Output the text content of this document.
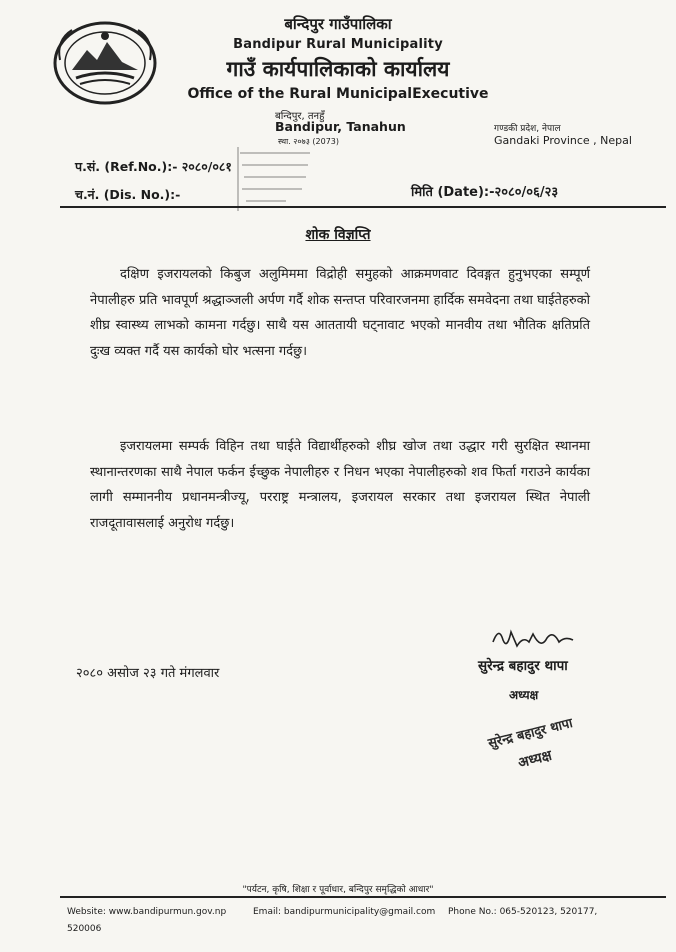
बन्दिपुर गाउँपालिका
Bandipur Rural Municipality
गाउँ कार्यपालिकाको कार्यालय
Office of the Rural MunicipalExecutive
बन्दिपुर, तनहुँ
Bandipur, Tanahun
स्था. २०७३ (2073)
गण्डकी प्रदेश, नेपाल
Gandaki Province , Nepal
प.सं. (Ref.No.):- २०८०/०८१
च.नं. (Dis. No.):-	मिति (Date):-२०८०/०६/२३
शोक विज्ञप्ति
दक्षिण इजरायलको किबुज अलुमिममा विद्रोही समुहको आक्रमणवाट दिवङ्गत हुनुभएका सम्पूर्ण नेपालीहरु प्रति भावपूर्ण श्रद्धाञ्जली अर्पण गर्दै शोक सन्तप्त परिवारजनमा हार्दिक समवेदना तथा घाईतेहरुको शीघ्र स्वास्थ्य लाभको कामना गर्दछु। साथै यस आततायी घट्नावाट भएको मानवीय तथा भौतिक क्षतिप्रति दुःख व्यक्त गर्दै यस कार्यको घोर भत्सना गर्दछु।
इजरायलमा सम्पर्क विहिन तथा घाईते विद्यार्थीहरुको शीघ्र खोज तथा उद्धार गरी सुरक्षित स्थानमा स्थानान्तरणका साथै नेपाल फर्कन ईच्छुक नेपालीहरु र निधन भएका नेपालीहरुको शव फिर्ता गराउने कार्यका लागी सम्माननीय प्रधानमन्त्रीज्यू, परराष्ट्र मन्त्रालय, इजरायल सरकार तथा इजरायल स्थित नेपाली राजदूतावासलाई अनुरोध गर्दछु।
२०८० असोज २३ गते मंगलवार	सुरेन्द्र बहादुर थापा
अध्यक्ष
सुरेन्द्र बहादुर थापा
अध्यक्ष
"पर्यटन, कृषि, शिक्षा र पूर्वाधार, बन्दिपुर समृद्धिको आधार"
Website: www.bandipurmun.gov.np	Email: bandipurmunicipality@gmail.com Phone No.: 065-520123, 520177,
520006
